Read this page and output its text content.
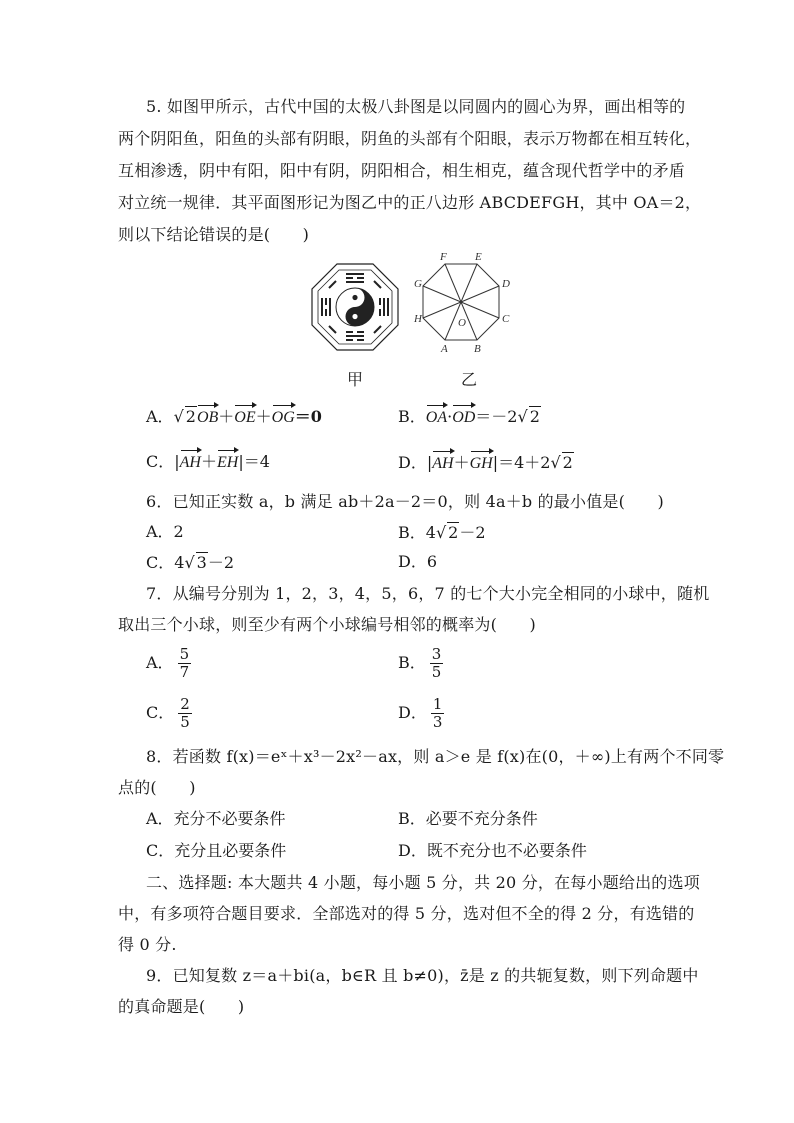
5. 如图甲所示，古代中国的太极八卦图是以同圆内的圆心为界，画出相等的
两个阴阳鱼，阳鱼的头部有阴眼，阴鱼的头部有个阳眼，表示万物都在相互转化，
互相渗透，阴中有阳，阳中有阴，阴阳相合，相生相克，蕴含现代哲学中的矛盾
对立统一规律．其平面图形记为图乙中的正八边形 ABCDEFGH，其中 OA＝2，
则以下结论错误的是(　　)
F	E
D
C
G
H
A B
O
甲	乙
A．√ 2OB＋OE＋OG＝0	B．OA·OD＝－2√ 2
C．|AH＋EH|＝4	D．|AH＋GH|＝4＋2√ 2
6．已知正实数 a，b 满足 ab＋2a－2＝0，则 4a＋b 的最小值是(　　)
A．2	B．4√ 2－2
C．4√ 3－2	D．6
7．从编号分别为 1，2，3，4，5，6，7 的七个大小完全相同的小球中，随机
取出三个小球，则至少有两个小球编号相邻的概率为(　　)
A． $\frac{5}{7}$	B． $\frac{3}{5}$
C． $\frac{2}{5}$	D． $\frac{1}{3}$
8．若函数 f(x)＝eˣ＋x³－2x²－ax，则 a＞e 是 f(x)在(0，＋∞)上有两个不同零
点的(　　)
A．充分不必要条件	B．必要不充分条件
C．充分且必要条件	D．既不充分也不必要条件
二、选择题: 本大题共 4 小题，每小题 5 分，共 20 分，在每小题给出的选项
中，有多项符合题目要求．全部选对的得 5 分，选对但不全的得 2 分，有选错的
得 0 分.
9．已知复数 z＝a＋bi(a，b∈R 且 b≠0)，z̄是 z 的共轭复数，则下列命题中
的真命题是(　　)
